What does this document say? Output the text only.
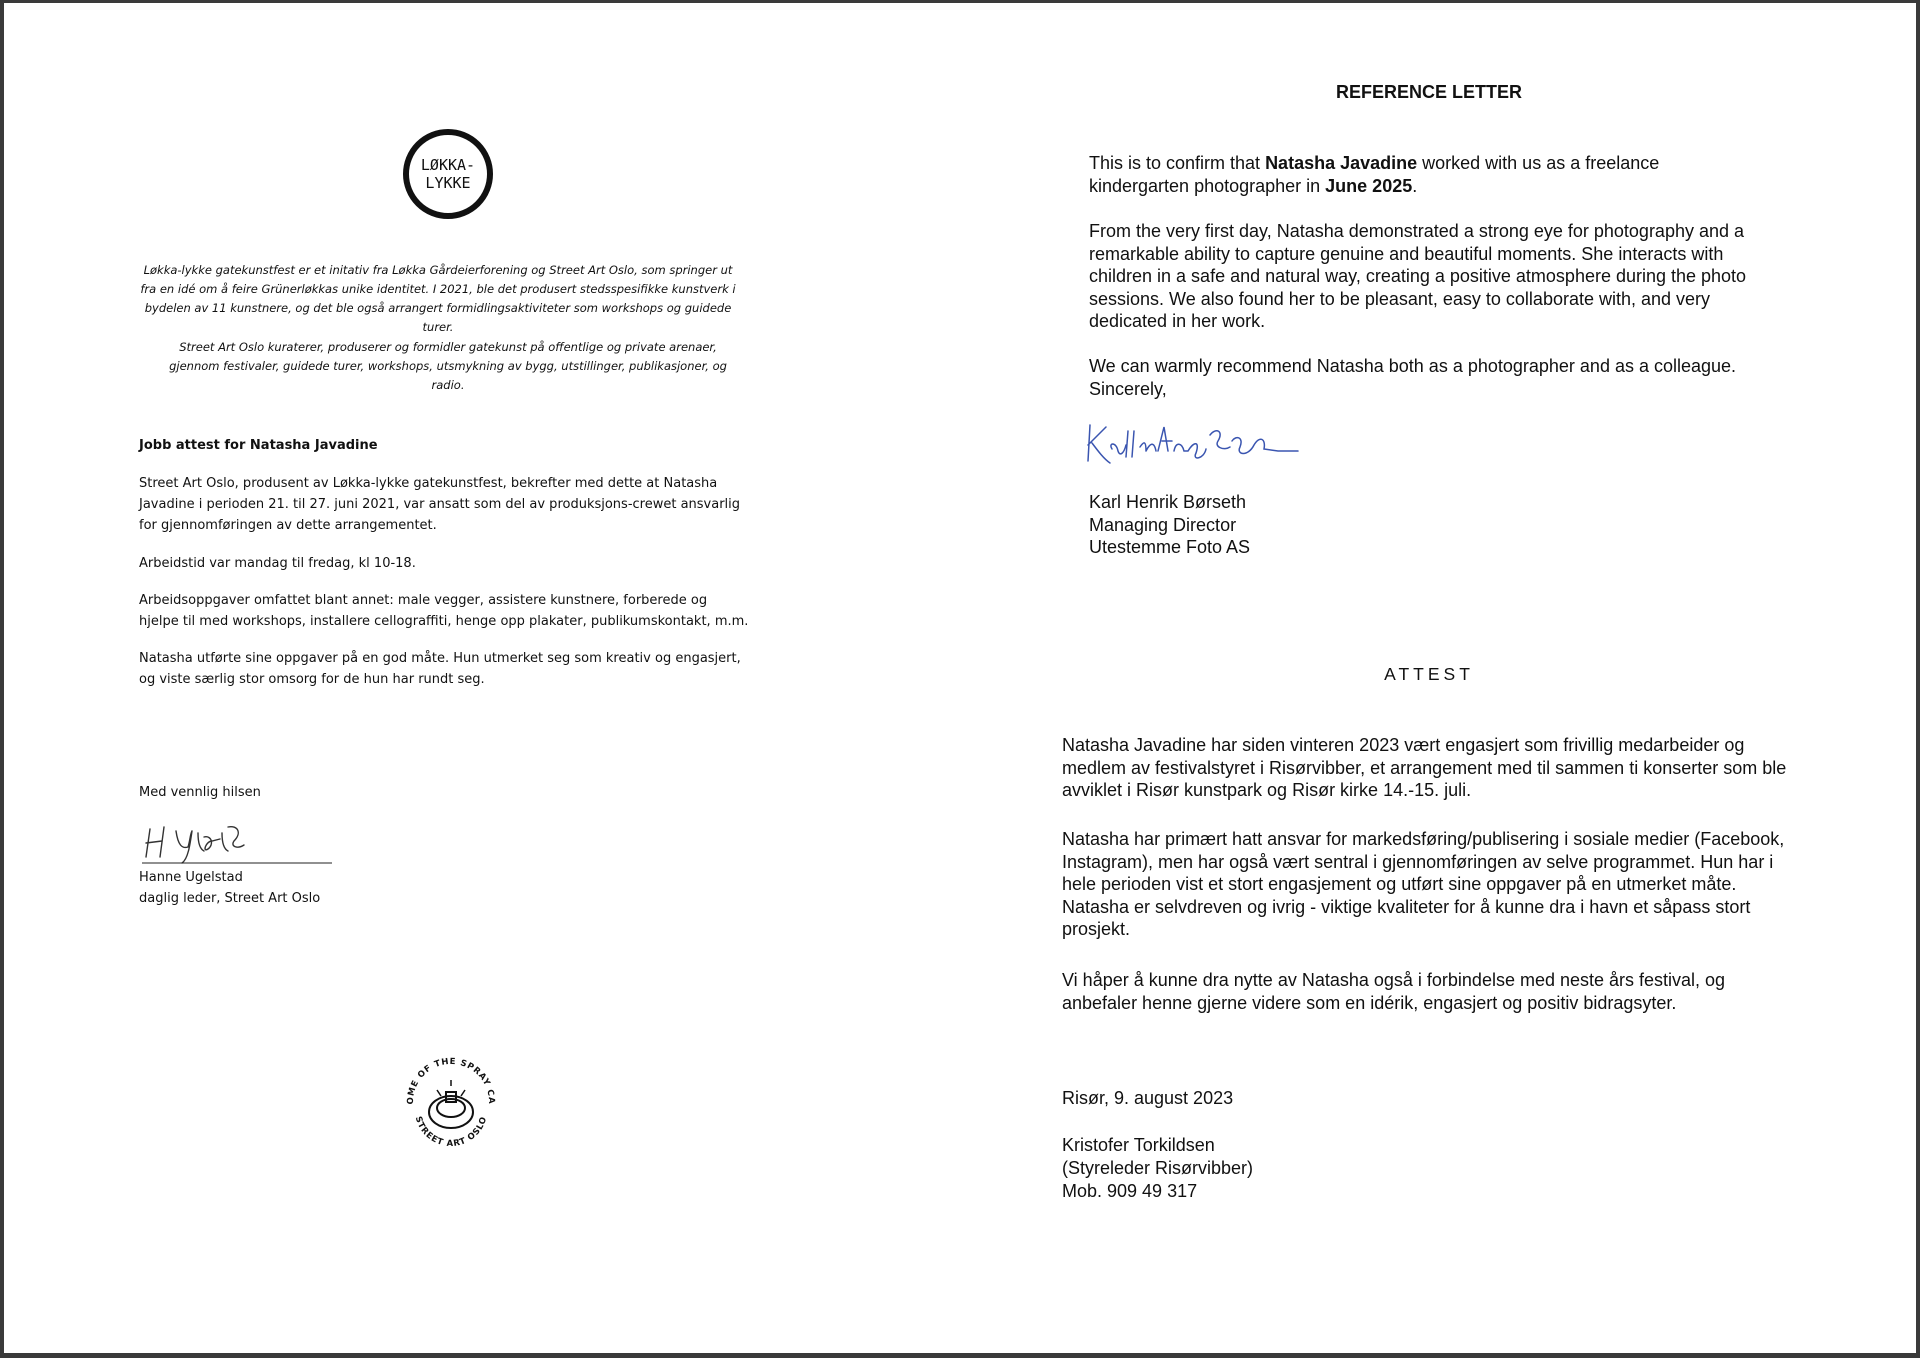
LØKKA-
LYKKE

Løkka-lykke gatekunstfest er et initativ fra Løkka Gårdeierforening og Street Art Oslo, som springer ut fra en idé om å feire Grünerløkkas unike identitet. I 2021, ble det produsert stedsspesifikke kunstverk i bydelen av 11 kunstnere, og det ble også arrangert formidlingsaktiviteter som workshops og guidede turer.

Street Art Oslo kuraterer, produserer og formidler gatekunst på offentlige og private arenaer, gjennom festivaler, guidede turer, workshops, utsmykning av bygg, utstillinger, publikasjoner, og radio.

Jobb attest for Natasha Javadine

Street Art Oslo, produsent av Løkka-lykke gatekunstfest, bekrefter med dette at Natasha Javadine i perioden 21. til 27. juni 2021, var ansatt som del av produksjons-crewet ansvarlig for gjennomføringen av dette arrangementet.

Arbeidstid var mandag til fredag, kl 10-18.

Arbeidsoppgaver omfattet blant annet: male vegger, assistere kunstnere, forberede og hjelpe til med workshops, installere cellograffiti, henge opp plakater, publikumskontakt, m.m.

Natasha utførte sine oppgaver på en god måte. Hun utmerket seg som kreativ og engasjert, og viste særlig stor omsorg for de hun har rundt seg.

Med vennlig hilsen

Hanne Ugelstad

daglig leder, Street Art Oslo

OME OF THE SPRAY CA
STREET ART OSLO

REFERENCE LETTER

This is to confirm that Natasha Javadine worked with us as a freelance kindergarten photographer in June 2025.

From the very first day, Natasha demonstrated a strong eye for photography and a remarkable ability to capture genuine and beautiful moments. She interacts with children in a safe and natural way, creating a positive atmosphere during the photo sessions. We also found her to be pleasant, easy to collaborate with, and very dedicated in her work.

We can warmly recommend Natasha both as a photographer and as a colleague.

Sincerely,

Karl Henrik Børseth

Managing Director

Utestemme Foto AS

ATTEST

Natasha Javadine har siden vinteren 2023 vært engasjert som frivillig medarbeider og medlem av festivalstyret i Risørvibber, et arrangement med til sammen ti konserter som ble avviklet i Risør kunstpark og Risør kirke 14.-15. juli.

Natasha har primært hatt ansvar for markedsføring/publisering i sosiale medier (Facebook, Instagram), men har også vært sentral i gjennomføringen av selve programmet. Hun har i hele perioden vist et stort engasjement og utført sine oppgaver på en utmerket måte. Natasha er selvdreven og ivrig - viktige kvaliteter for å kunne dra i havn et såpass stort prosjekt.

Vi håper å kunne dra nytte av Natasha også i forbindelse med neste års festival, og anbefaler henne gjerne videre som en idérik, engasjert og positiv bidragsyter.

Risør, 9. august 2023

Kristofer Torkildsen

(Styreleder Risørvibber)

Mob. 909 49 317
